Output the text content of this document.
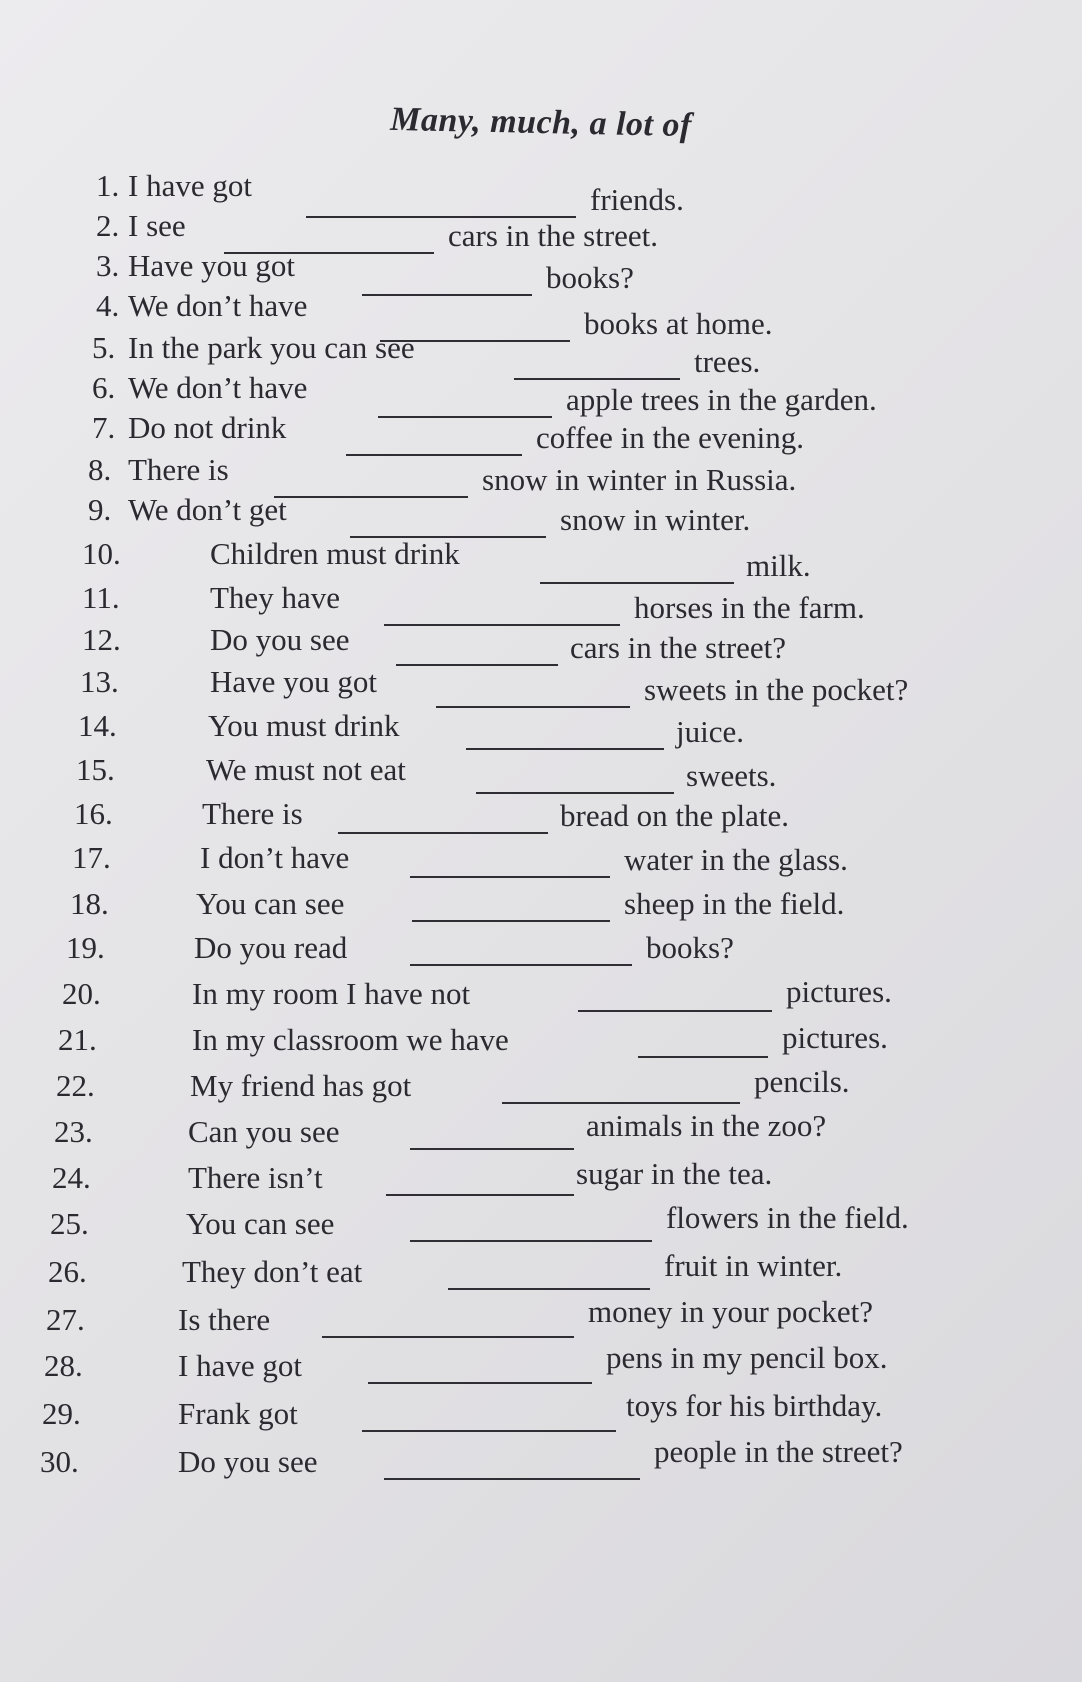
Many, much, a lot of
1. I have got	friends.
2. I see	cars in the street.
3. Have you got	books?
4. We don’t have
books at home.
5. In the park you can see	trees.
6. We don’t have	apple trees in the garden.
7. Do not drink	coffee in the evening.
8. There is	snow in winter in Russia.
9. We don’t get	snow in winter.
10.	Children must drink	milk.
11.	They have	horses in the farm.
12.	Do you see	cars in the street?
13.	Have you got	sweets in the pocket?
14.	You must drink	juice.
15.	We must not eat	sweets.
16.	There is	bread on the plate.
17.	I don’t have	water in the glass.
18.	You can see	sheep in the field.
19.	Do you read	books?
20.	In my room I have not	pictures.
21.	In my classroom we have	pictures.
22.	My friend has got	pencils.
23.	Can you see	animals in the zoo?
24.	There isn’t	sugar in the tea.
25.	You can see	flowers in the field.
26.	They don’t eat	fruit in winter.
27.	Is there	money in your pocket?
28.	I have got	pens in my pencil box.
29.	Frank got	toys for his birthday.
30.	Do you see	people in the street?
